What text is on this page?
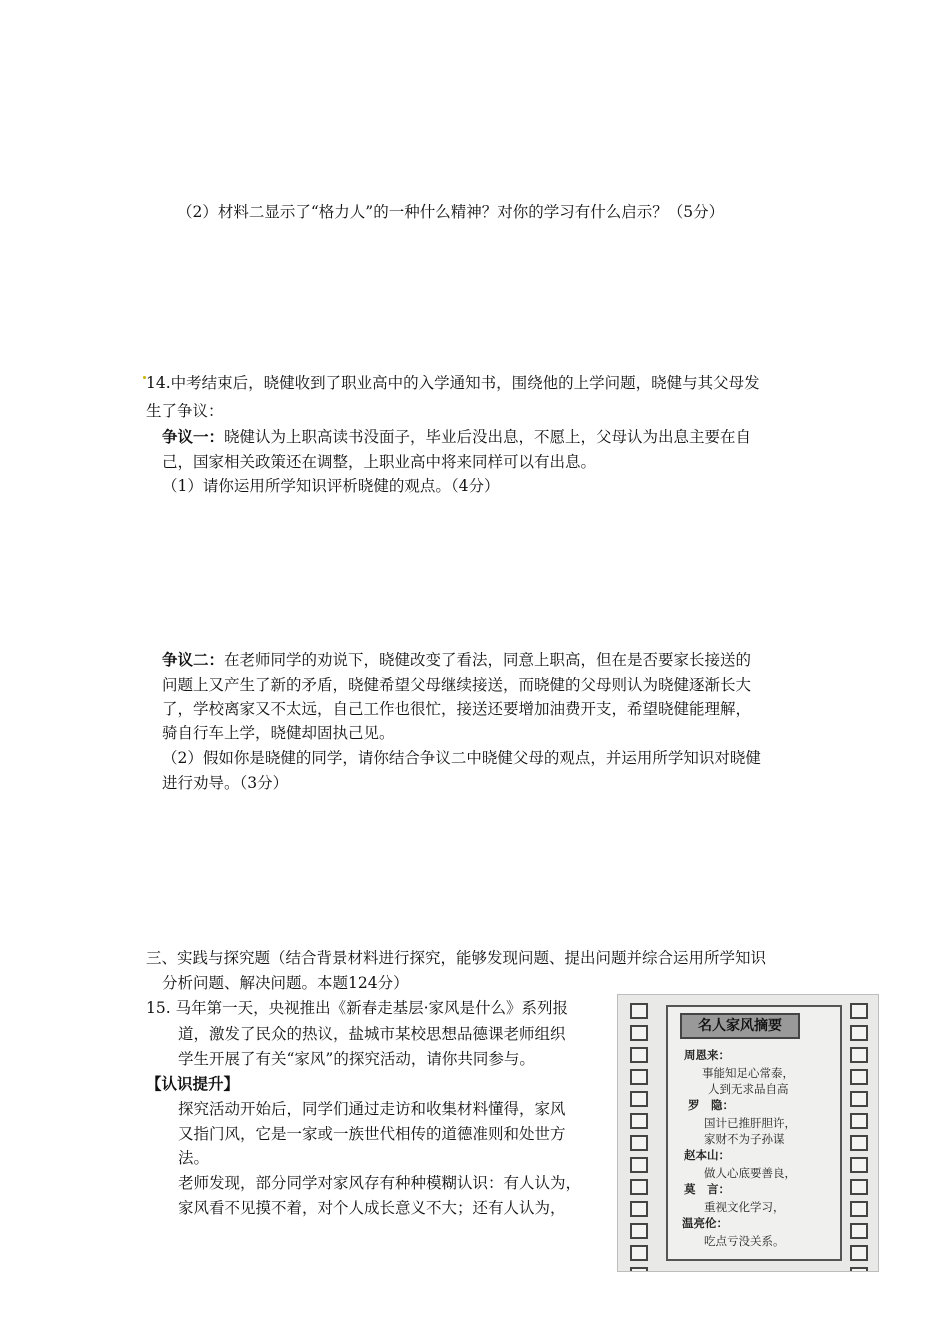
（2）材料二显示了“格力人”的一种什么精神？对你的学习有什么启示？（5分）
14.中考结束后，晓健收到了职业高中的入学通知书，围绕他的上学问题，晓健与其父母发
生了争议：
争议一：晓健认为上职高读书没面子，毕业后没出息，不愿上，父母认为出息主要在自
己，国家相关政策还在调整，上职业高中将来同样可以有出息。
（1）请你运用所学知识评析晓健的观点。（4分）
争议二：在老师同学的劝说下，晓健改变了看法，同意上职高，但在是否要家长接送的
问题上又产生了新的矛盾，晓健希望父母继续接送，而晓健的父母则认为晓健逐渐长大
了，学校离家又不太远，自己工作也很忙，接送还要增加油费开支，希望晓健能理解，
骑自行车上学，晓健却固执己见。
（2）假如你是晓健的同学，请你结合争议二中晓健父母的观点，并运用所学知识对晓健
进行劝导。（3分）
三、实践与探究题（结合背景材料进行探究，能够发现问题、提出问题并综合运用所学知识
分析问题、解决问题。本题124分）
15. 马年第一天，央视推出《新春走基层·家风是什么》系列报
道，激发了民众的热议，盐城市某校思想品德课老师组织
学生开展了有关“家风”的探究活动，请你共同参与。
【认识提升】
探究活动开始后，同学们通过走访和收集材料懂得，家风
又指门风，它是一家或一族世代相传的道德准则和处世方
法。
老师发现，部分同学对家风存有种种模糊认识：有人认为，
家风看不见摸不着，对个人成长意义不大；还有人认为，
名人家风摘要
周恩来：
事能知足心常泰，
人到无求品自高
罗　隐：
国计已推肝胆许，
家财不为子孙谋
赵本山：
做人心底要善良，
莫　言：
重视文化学习，
温亮伦：
吃点亏没关系。
